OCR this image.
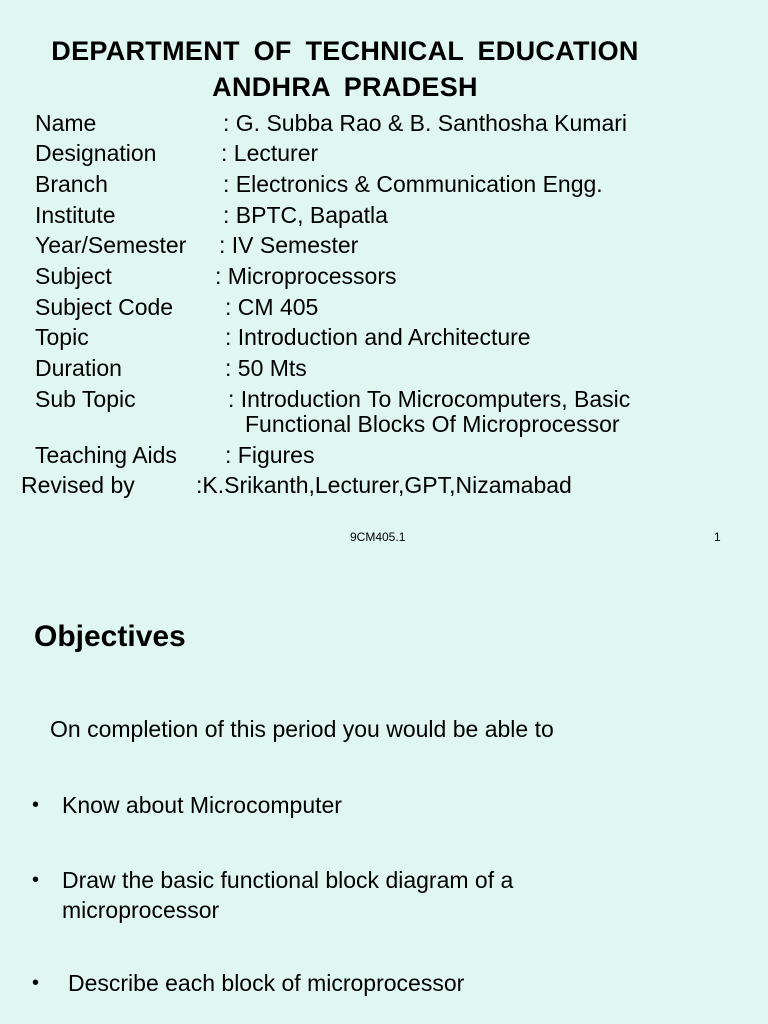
DEPARTMENT OF TECHNICAL EDUCATION
ANDHRA PRADESH
Name	: G. Subba Rao & B. Santhosha Kumari
Designation	: Lecturer
Branch	: Electronics & Communication Engg.
Institute	: BPTC, Bapatla
Year/Semester : IV Semester
Subject	: Microprocessors
Subject Code : CM 405
Topic	: Introduction and Architecture
Duration	: 50 Mts
Sub Topic	: Introduction To Microcomputers, Basic
Functional Blocks Of Microprocessor
Teaching Aids : Figures
Revised by	:K.Srikanth,Lecturer,GPT,Nizamabad
9CM405.1	1
Objectives
On completion of this period you would be able to
• Know about Microcomputer
• Draw the basic functional block diagram of a
microprocessor
• Describe each block of microprocessor
